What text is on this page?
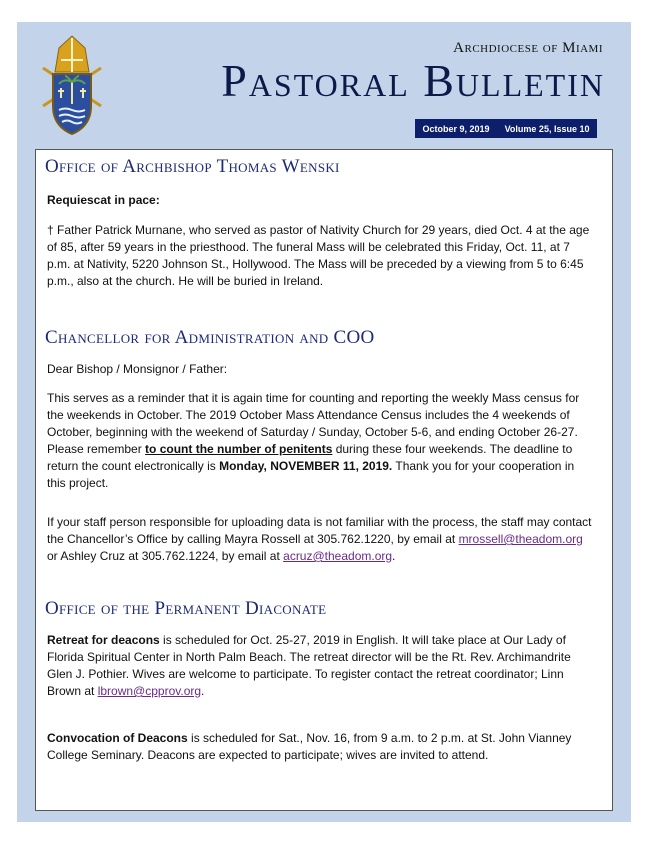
Archdiocese of Miami
Pastoral Bulletin
October 9, 2019 Volume 25, Issue 10
Office of Archbishop Thomas Wenski

Requiescat in pace:

† Father Patrick Murnane, who served as pastor of Nativity Church for 29 years, died Oct. 4 at the age of 85, after 59 years in the priesthood. The funeral Mass will be celebrated this Friday, Oct. 11, at 7 p.m. at Nativity, 5220 Johnson St., Hollywood. The Mass will be preceded by a viewing from 5 to 6:45 p.m., also at the church. He will be buried in Ireland.

Chancellor for Administration and COO

Dear Bishop / Monsignor / Father:

This serves as a reminder that it is again time for counting and reporting the weekly Mass census for the weekends in October. The 2019 October Mass Attendance Census includes the 4 weekends of October, beginning with the weekend of Saturday / Sunday, October 5-6, and ending October 26-27. Please remember to count the number of penitents during these four weekends. The deadline to return the count electronically is Monday, NOVEMBER 11, 2019. Thank you for your cooperation in this project.

If your staff person responsible for uploading data is not familiar with the process, the staff may contact the Chancellor’s Office by calling Mayra Rossell at 305.762.1220, by email at mrossell@theadom.org or Ashley Cruz at 305.762.1224, by email at acruz@theadom.org.

Office of the Permanent Diaconate

Retreat for deacons is scheduled for Oct. 25-27, 2019 in English. It will take place at Our Lady of Florida Spiritual Center in North Palm Beach. The retreat director will be the Rt. Rev. Archimandrite Glen J. Pothier. Wives are welcome to participate. To register contact the retreat coordinator; Linn Brown at lbrown@cpprov.org.

Convocation of Deacons is scheduled for Sat., Nov. 16, from 9 a.m. to 2 p.m. at St. John Vianney College Seminary. Deacons are expected to participate; wives are invited to attend.
